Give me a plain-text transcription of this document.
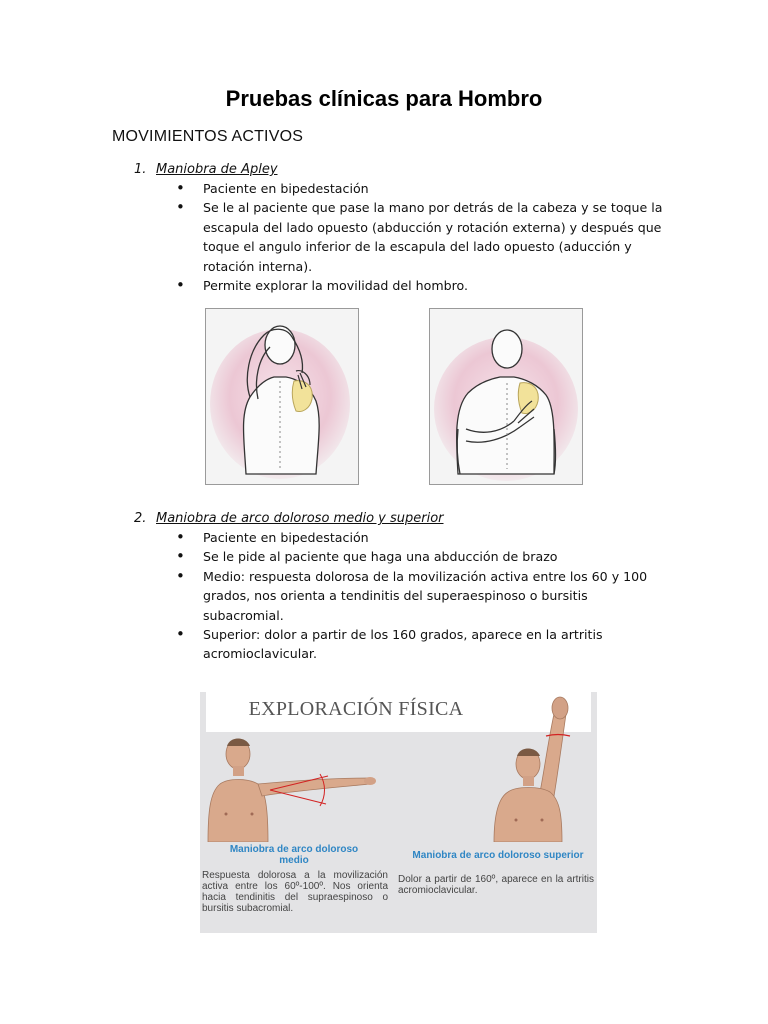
Pruebas clínicas para Hombro
MOVIMIENTOS ACTIVOS
1. Maniobra de Apley
• Paciente en bipedestación
• Se le al paciente que pase la mano por detrás de la cabeza y se toque la escapula del lado opuesto (abducción y rotación externa) y después que toque el angulo inferior de la escapula del lado opuesto (aducción y rotación interna).
• Permite explorar la movilidad del hombro.
2. Maniobra de arco doloroso medio y superior
• Paciente en bipedestación
• Se le pide al paciente que haga una abducción de brazo
• Medio: respuesta dolorosa de la movilización activa entre los 60 y 100 grados, nos orienta a tendinitis del superaespinoso o bursitis subacromial.
• Superior: dolor a partir de los 160 grados, aparece en la artritis acromioclavicular.
EXPLORACIÓN FÍSICA
Maniobra de arco doloroso medio
Respuesta dolorosa a la movilización activa entre los 60º-100º. Nos orienta hacia tendinitis del supraespinoso o bursitis subacromial.
Maniobra de arco doloroso superior
Dolor a partir de 160º, aparece en la artritis acromioclavicular.
